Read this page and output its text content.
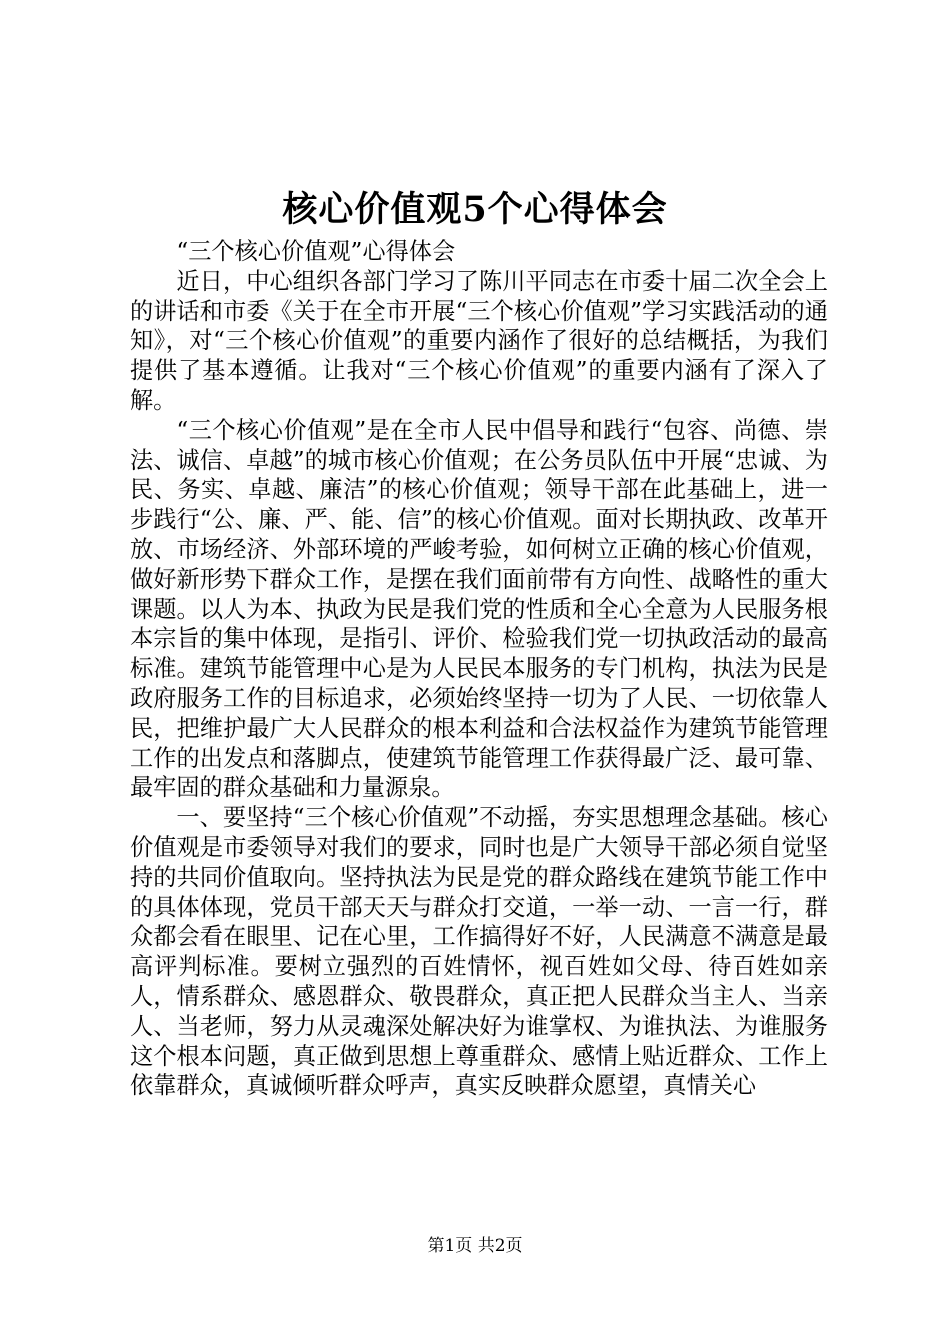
核心价值观5个心得体会

“三个核心价值观”心得体会

近日，中心组织各部门学习了陈川平同志在市委十届二次全会上的讲话和市委《关于在全市开展“三个核心价值观”学习实践活动的通知》，对“三个核心价值观”的重要内涵作了很好的总结概括，为我们提供了基本遵循。让我对“三个核心价值观”的重要内涵有了深入了解。

“三个核心价值观”是在全市人民中倡导和践行“包容、尚德、崇法、诚信、卓越”的城市核心价值观；在公务员队伍中开展“忠诚、为民、务实、卓越、廉洁”的核心价值观；领导干部在此基础上，进一步践行“公、廉、严、能、信”的核心价值观。面对长期执政、改革开放、市场经济、外部环境的严峻考验，如何树立正确的核心价值观，做好新形势下群众工作，是摆在我们面前带有方向性、战略性的重大课题。以人为本、执政为民是我们党的性质和全心全意为人民服务根本宗旨的集中体现，是指引、评价、检验我们党一切执政活动的最高标准。建筑节能管理中心是为人民民本服务的专门机构，执法为民是政府服务工作的目标追求，必须始终坚持一切为了人民、一切依靠人民，把维护最广大人民群众的根本利益和合法权益作为建筑节能管理工作的出发点和落脚点，使建筑节能管理工作获得最广泛、最可靠、最牢固的群众基础和力量源泉。

一、要坚持“三个核心价值观”不动摇，夯实思想理念基础。核心价值观是市委领导对我们的要求，同时也是广大领导干部必须自觉坚持的共同价值取向。坚持执法为民是党的群众路线在建筑节能工作中的具体体现，党员干部天天与群众打交道，一举一动、一言一行，群众都会看在眼里、记在心里，工作搞得好不好，人民满意不满意是最高评判标准。要树立强烈的百姓情怀，视百姓如父母、待百姓如亲人，情系群众、感恩群众、敬畏群众，真正把人民群众当主人、当亲人、当老师，努力从灵魂深处解决好为谁掌权、为谁执法、为谁服务这个根本问题，真正做到思想上尊重群众、感情上贴近群众、工作上依靠群众，真诚倾听群众呼声，真实反映群众愿望，真情关心

第1页 共2页
